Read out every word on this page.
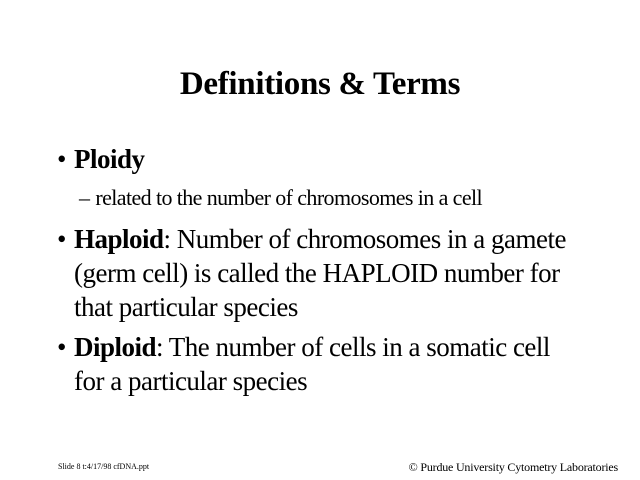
Definitions & Terms
• Ploidy
– related to the number of chromosomes in a cell
• Haploid: Number of chromosomes in a gamete
(germ cell) is called the HAPLOID number for
that particular species
• Diploid: The number of cells in a somatic cell
for a particular species
Slide 8 t:4/17/98 cfDNA.ppt	© Purdue University Cytometry Laboratories
